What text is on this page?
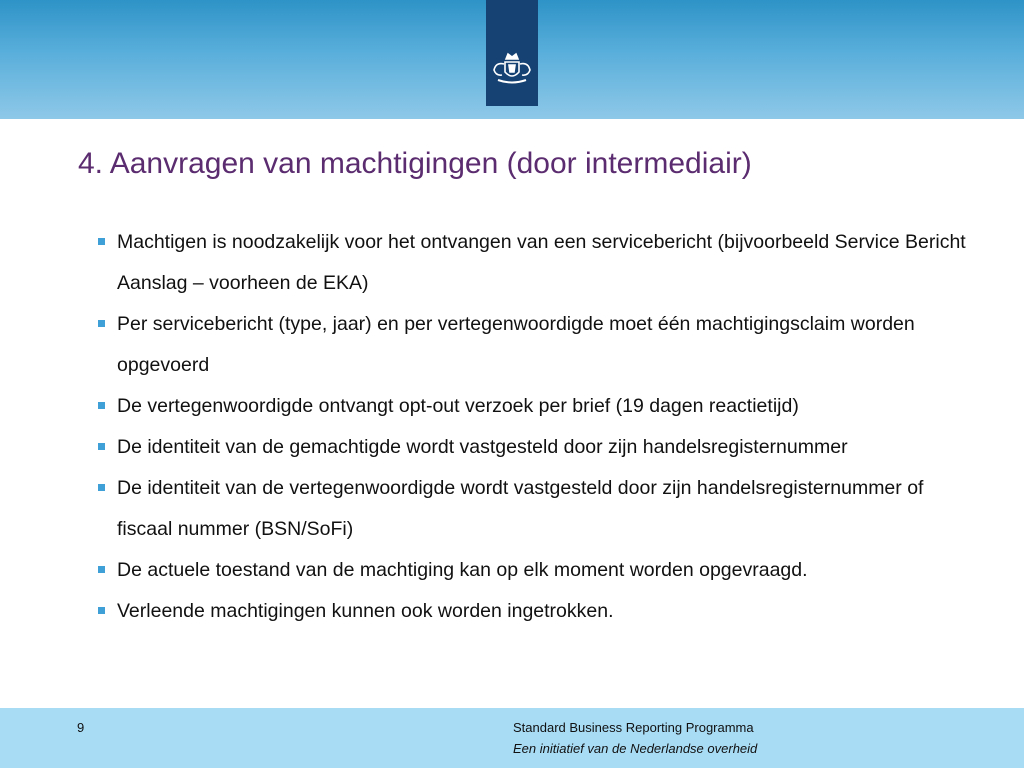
4. Aanvragen van machtigingen (door intermediair)
Machtigen is noodzakelijk voor het ontvangen van een servicebericht (bijvoorbeeld Service Bericht Aanslag – voorheen de EKA)
Per servicebericht (type, jaar) en per vertegenwoordigde moet één machtigingsclaim worden opgevoerd
De vertegenwoordigde ontvangt opt-out verzoek per brief (19 dagen reactietijd)
De identiteit van de gemachtigde wordt vastgesteld door zijn handelsregisternummer
De identiteit van de vertegenwoordigde wordt vastgesteld door zijn handelsregisternummer of fiscaal nummer (BSN/SoFi)
De actuele toestand van de machtiging kan op elk moment worden opgevraagd.
Verleende machtigingen kunnen ook worden ingetrokken.
9	Standard Business Reporting Programma
Een initiatief van de Nederlandse overheid
